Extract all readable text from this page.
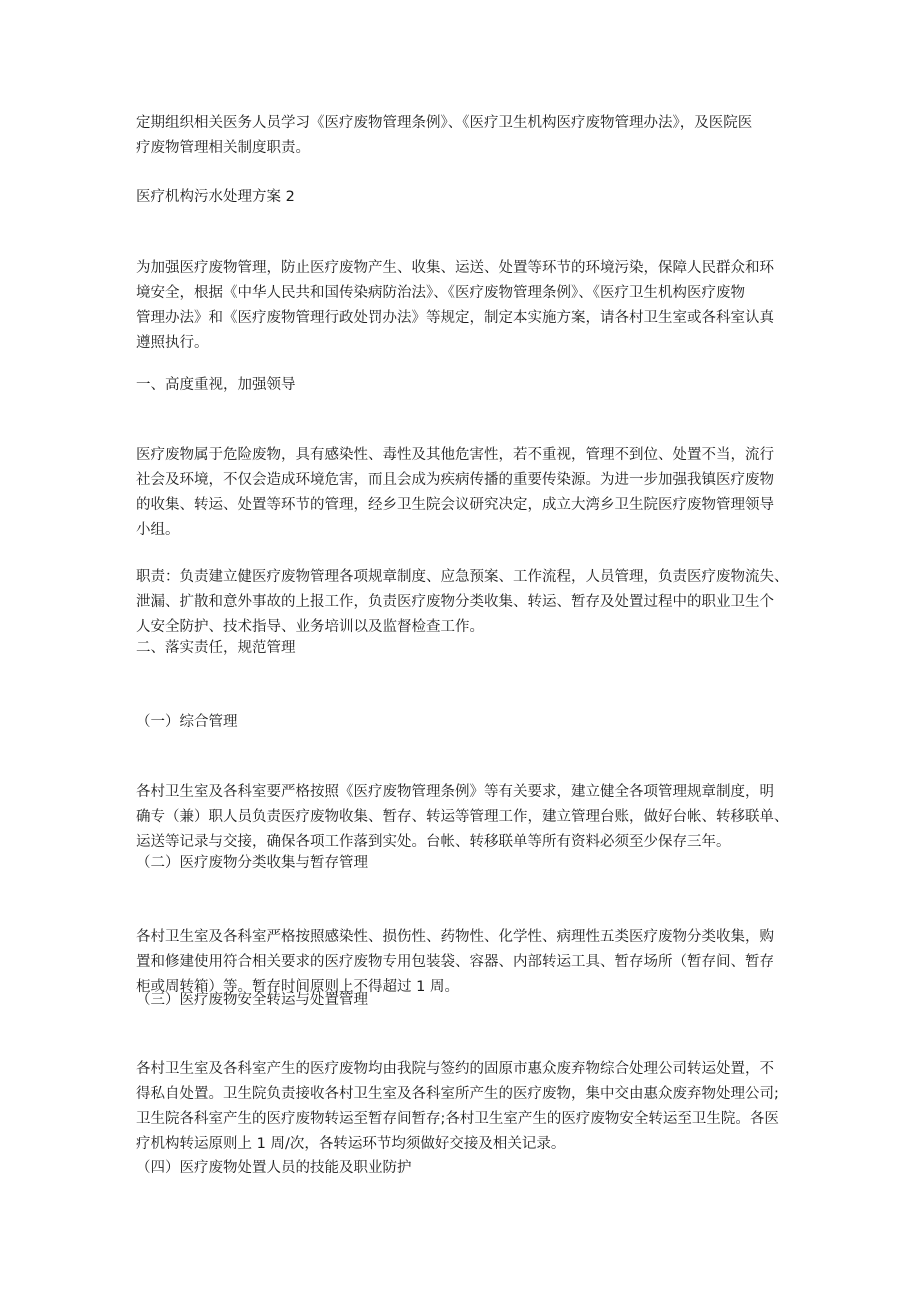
定期组织相关医务人员学习《医疗废物管理条例》、《医疗卫生机构医疗废物管理办法》，及医院医
疗废物管理相关制度职责。

医疗机构污水处理方案 2

为加强医疗废物管理，防止医疗废物产生、收集、运送、处置等环节的环境污染，保障人民群众和环
境安全，根据《中华人民共和国传染病防治法》、《医疗废物管理条例》、《医疗卫生机构医疗废物
管理办法》和《医疗废物管理行政处罚办法》等规定，制定本实施方案，请各村卫生室或各科室认真
遵照执行。

一、高度重视，加强领导

医疗废物属于危险废物，具有感染性、毒性及其他危害性，若不重视，管理不到位、处置不当，流行
社会及环境，不仅会造成环境危害，而且会成为疾病传播的重要传染源。为进一步加强我镇医疗废物
的收集、转运、处置等环节的管理，经乡卫生院会议研究决定，成立大湾乡卫生院医疗废物管理领导
小组。

职责：负责建立健医疗废物管理各项规章制度、应急预案、工作流程，人员管理，负责医疗废物流失、
泄漏、扩散和意外事故的上报工作，负责医疗废物分类收集、转运、暂存及处置过程中的职业卫生个
人安全防护、技术指导、业务培训以及监督检查工作。

二、落实责任，规范管理

（一）综合管理

各村卫生室及各科室要严格按照《医疗废物管理条例》等有关要求，建立健全各项管理规章制度，明
确专（兼）职人员负责医疗废物收集、暂存、转运等管理工作，建立管理台账，做好台帐、转移联单、
运送等记录与交接，确保各项工作落到实处。台帐、转移联单等所有资料必须至少保存三年。

（二）医疗废物分类收集与暂存管理

各村卫生室及各科室严格按照感染性、损伤性、药物性、化学性、病理性五类医疗废物分类收集，购
置和修建使用符合相关要求的医疗废物专用包装袋、容器、内部转运工具、暂存场所（暂存间、暂存
柜或周转箱）等。暂存时间原则上不得超过 1 周。

（三）医疗废物安全转运与处置管理

各村卫生室及各科室产生的医疗废物均由我院与签约的固原市惠众废弃物综合处理公司转运处置，不
得私自处置。卫生院负责接收各村卫生室及各科室所产生的医疗废物，集中交由惠众废弃物处理公司;
卫生院各科室产生的医疗废物转运至暂存间暂存;各村卫生室产生的医疗废物安全转运至卫生院。各医
疗机构转运原则上 1 周/次，各转运环节均须做好交接及相关记录。

（四）医疗废物处置人员的技能及职业防护
